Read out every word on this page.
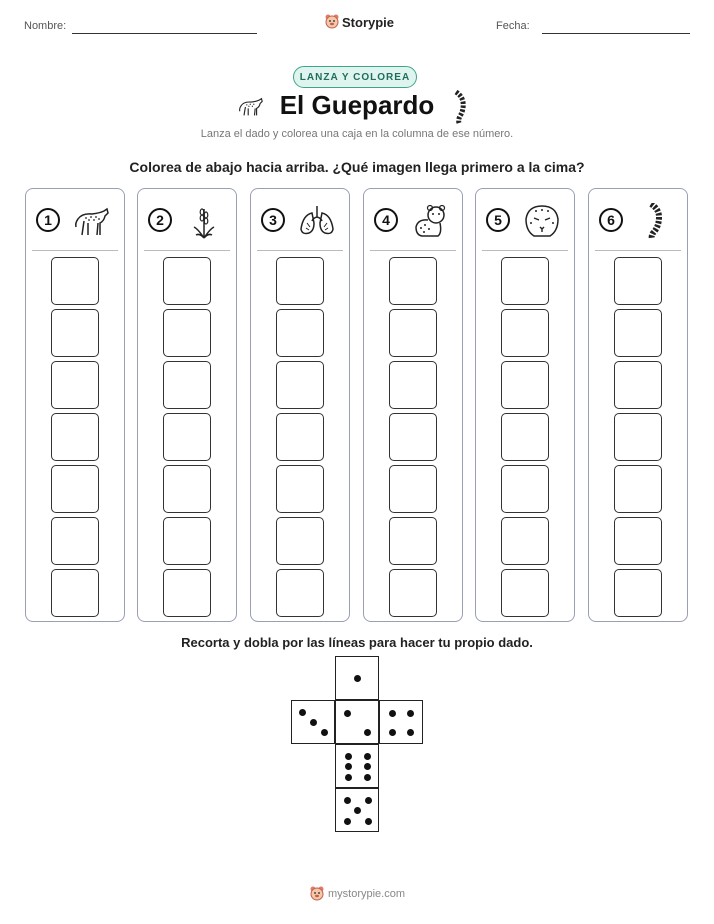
Nombre:	Storypie	Fecha:
LANZA Y COLOREA
El Guepardo
Lanza el dado y colorea una caja en la columna de ese número.
Colorea de abajo hacia arriba. ¿Qué imagen llega primero a la cima?
1	2	3	4	5	6
Recorta y dobla por las líneas para hacer tu propio dado.
mystorypie.com
